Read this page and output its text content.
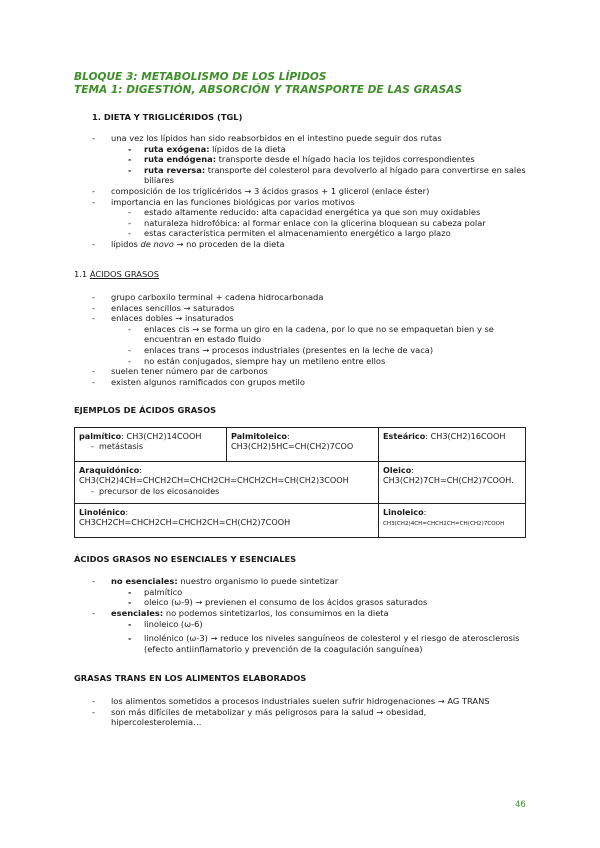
BLOQUE 3: METABOLISMO DE LOS LÍPIDOS
TEMA 1: DIGESTIÓN, ABSORCIÓN Y TRANSPORTE DE LAS GRASAS
1. DIETA Y TRIGLICÉRIDOS (TGL)
- una vez los lípidos han sido reabsorbidos en el intestino puede seguir dos rutas
- ruta exógena: lípidos de la dieta
- ruta endógena: transporte desde el hígado hacia los tejidos correspondientes
- ruta reversa: transporte del colesterol para devolverlo al hígado para convertirse en sales biliares
- composición de los triglicéridos → 3 ácidos grasos + 1 glicerol (enlace éster)
- importancia en las funciones biológicas por varios motivos
- estado altamente reducido: alta capacidad energética ya que son muy oxidables
- naturaleza hidrofóbica: al formar enlace con la glicerina bloquean su cabeza polar
- estas característica permiten el almacenamiento energético a largo plazo
- lípidos de novo → no proceden de la dieta
1.1 ÁCIDOS GRASOS
- grupo carboxilo terminal + cadena hidrocarbonada
- enlaces sencillos → saturados
- enlaces dobles → insaturados
- enlaces cis → se forma un giro en la cadena, por lo que no se empaquetan bien y se encuentran en estado fluido
- enlaces trans → procesos industriales (presentes en la leche de vaca)
- no están conjugados, siempre hay un metileno entre ellos
- suelen tener número par de carbonos
- existen algunos ramificados con grupos metilo
EJEMPLOS DE ÁCIDOS GRASOS
palmítico: CH3(CH2)14COOH
- metástasis	Palmitoleico:
CH3(CH2)5HC=CH(CH2)7COO	Esteárico: CH3(CH2)16COOH
Araquidónico:
CH3(CH2)4CH=CHCH2CH=CHCH2CH=CHCH2CH=CH(CH2)3COOH
- precursor de los eicosanoides		Oleico:
CH3(CH2)7CH=CH(CH2)7COOH.
Linolénico:
CH3CH2CH=CHCH2CH=CHCH2CH=CH(CH2)7COOH		Linoleico:
CH3(CH2)4CH=CHCH2CH=CH(CH2)7COOH
ÁCIDOS GRASOS NO ESENCIALES Y ESENCIALES
- no esenciales: nuestro organismo lo puede sintetizar
- palmítico
- oleico (ω-9) → previenen el consumo de los ácidos grasos saturados
- esenciales: no podemos sintetizarlos, los consumimos en la dieta
- linoleico (ω-6)
- linolénico (ω-3) → reduce los niveles sanguíneos de colesterol y el riesgo de aterosclerosis (efecto antiinflamatorio y prevención de la coagulación sanguínea)
GRASAS TRANS EN LOS ALIMENTOS ELABORADOS
- los alimentos sometidos a procesos industriales suelen sufrir hidrogenaciones → AG TRANS
- son más difíciles de metabolizar y más peligrosos para la salud → obesidad, hipercolesterolemia…
46
